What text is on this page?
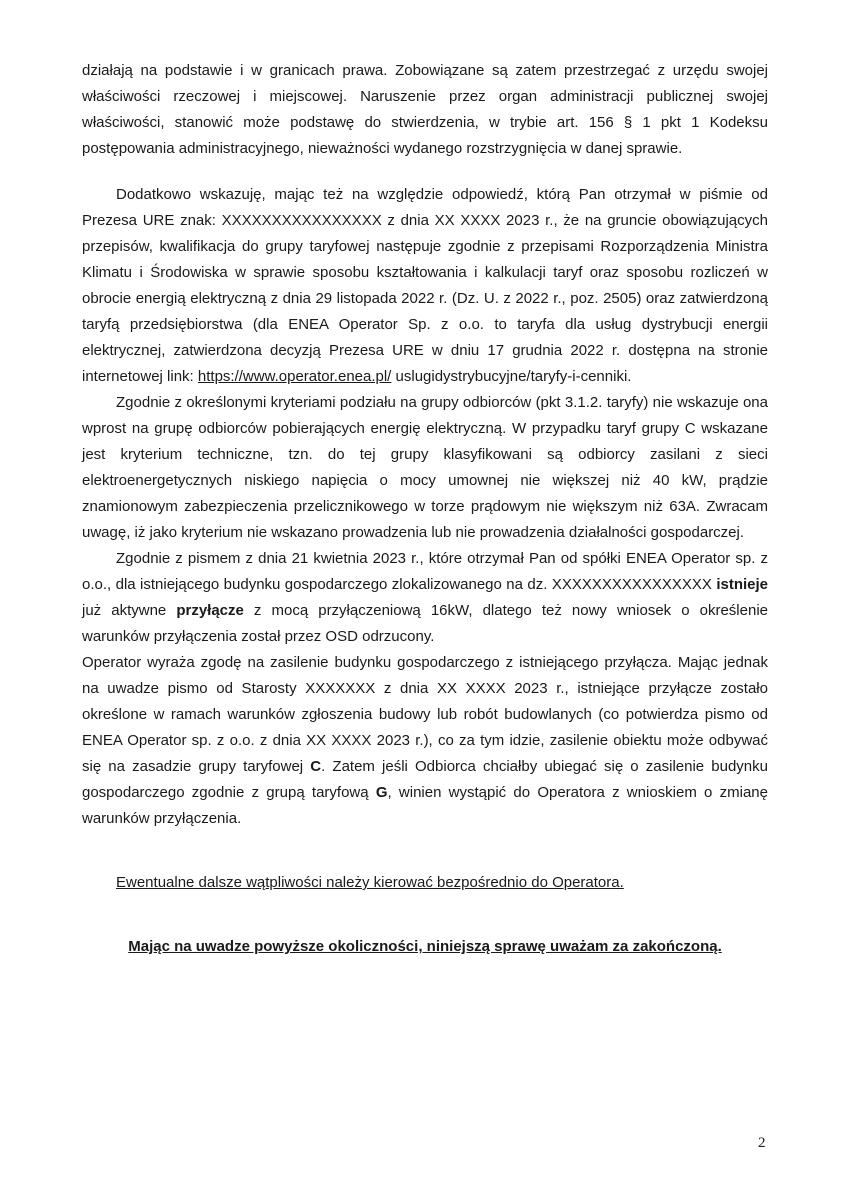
działają na podstawie i w granicach prawa. Zobowiązane są zatem przestrzegać z urzędu swojej właściwości rzeczowej i miejscowej. Naruszenie przez organ administracji publicznej swojej właściwości, stanowić może podstawę do stwierdzenia, w trybie art. 156 § 1 pkt 1 Kodeksu postępowania administracyjnego, nieważności wydanego rozstrzygnięcia w danej sprawie.

Dodatkowo wskazuję, mając też na względzie odpowiedź, którą Pan otrzymał w piśmie od Prezesa URE znak: XXXXXXXXXXXXXXXX z dnia XX XXXX 2023 r., że na gruncie obowiązujących przepisów, kwalifikacja do grupy taryfowej następuje zgodnie z przepisami Rozporządzenia Ministra Klimatu i Środowiska w sprawie sposobu kształtowania i kalkulacji taryf oraz sposobu rozliczeń w obrocie energią elektryczną z dnia 29 listopada 2022 r. (Dz. U. z 2022 r., poz. 2505) oraz zatwierdzoną taryfą przedsiębiorstwa (dla ENEA Operator Sp. z o.o. to taryfa dla usług dystrybucji energii elektrycznej, zatwierdzona decyzją Prezesa URE w dniu 17 grudnia 2022 r. dostępna na stronie internetowej link: https://www.operator.enea.pl/ uslugidystrybucyjne/taryfy-i-cenniki.

Zgodnie z określonymi kryteriami podziału na grupy odbiorców (pkt 3.1.2. taryfy) nie wskazuje ona wprost na grupę odbiorców pobierających energię elektryczną. W przypadku taryf grupy C wskazane jest kryterium techniczne, tzn. do tej grupy klasyfikowani są odbiorcy zasilani z sieci elektroenergetycznych niskiego napięcia o mocy umownej nie większej niż 40 kW, prądzie znamionowym zabezpieczenia przelicznikowego w torze prądowym nie większym niż 63A. Zwracam uwagę, iż jako kryterium nie wskazano prowadzenia lub nie prowadzenia działalności gospodarczej.

Zgodnie z pismem z dnia 21 kwietnia 2023 r., które otrzymał Pan od spółki ENEA Operator sp. z o.o., dla istniejącego budynku gospodarczego zlokalizowanego na dz. XXXXXXXXXXXXXXXX istnieje już aktywne przyłącze z mocą przyłączeniową 16kW, dlatego też nowy wniosek o określenie warunków przyłączenia został przez OSD odrzucony.

Operator wyraża zgodę na zasilenie budynku gospodarczego z istniejącego przyłącza. Mając jednak na uwadze pismo od Starosty XXXXXXX z dnia XX XXXX 2023 r., istniejące przyłącze zostało określone w ramach warunków zgłoszenia budowy lub robót budowlanych (co potwierdza pismo od ENEA Operator sp. z o.o. z dnia XX XXXX 2023 r.), co za tym idzie, zasilenie obiektu może odbywać się na zasadzie grupy taryfowej C. Zatem jeśli Odbiorca chciałby ubiegać się o zasilenie budynku gospodarczego zgodnie z grupą taryfową G, winien wystąpić do Operatora z wnioskiem o zmianę warunków przyłączenia.

Ewentualne dalsze wątpliwości należy kierować bezpośrednio do Operatora.

Mając na uwadze powyższe okoliczności, niniejszą sprawę uważam za zakończoną.

2
